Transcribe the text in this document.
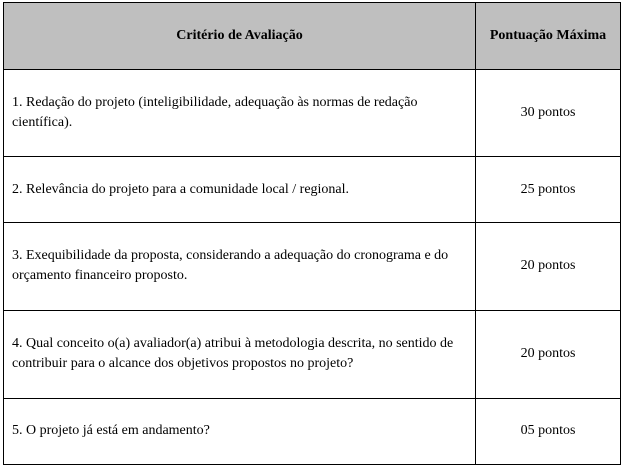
Critério de Avaliação	Pontuação Máxima
1. Redação do projeto (inteligibilidade, adequação às normas de redação científica).	30 pontos
2. Relevância do projeto para a comunidade local / regional.	25 pontos
3. Exequibilidade da proposta, considerando a adequação do cronograma e do orçamento financeiro proposto.	20 pontos
4. Qual conceito o(a) avaliador(a) atribui à metodologia descrita, no sentido de contribuir para o alcance dos objetivos propostos no projeto?	20 pontos
5. O projeto já está em andamento?	05 pontos
